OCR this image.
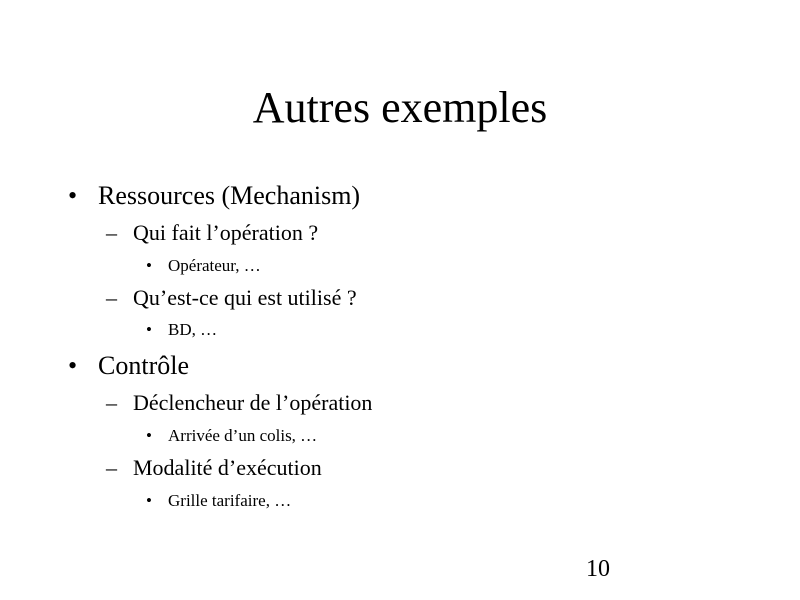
Autres exemples
• Ressources (Mechanism)
– Qui fait l’opération ?
• Opérateur, …
– Qu’est-ce qui est utilisé ?
• BD, …
• Contrôle
– Déclencheur de l’opération
• Arrivée d’un colis, …
– Modalité d’exécution
• Grille tarifaire, …
10
